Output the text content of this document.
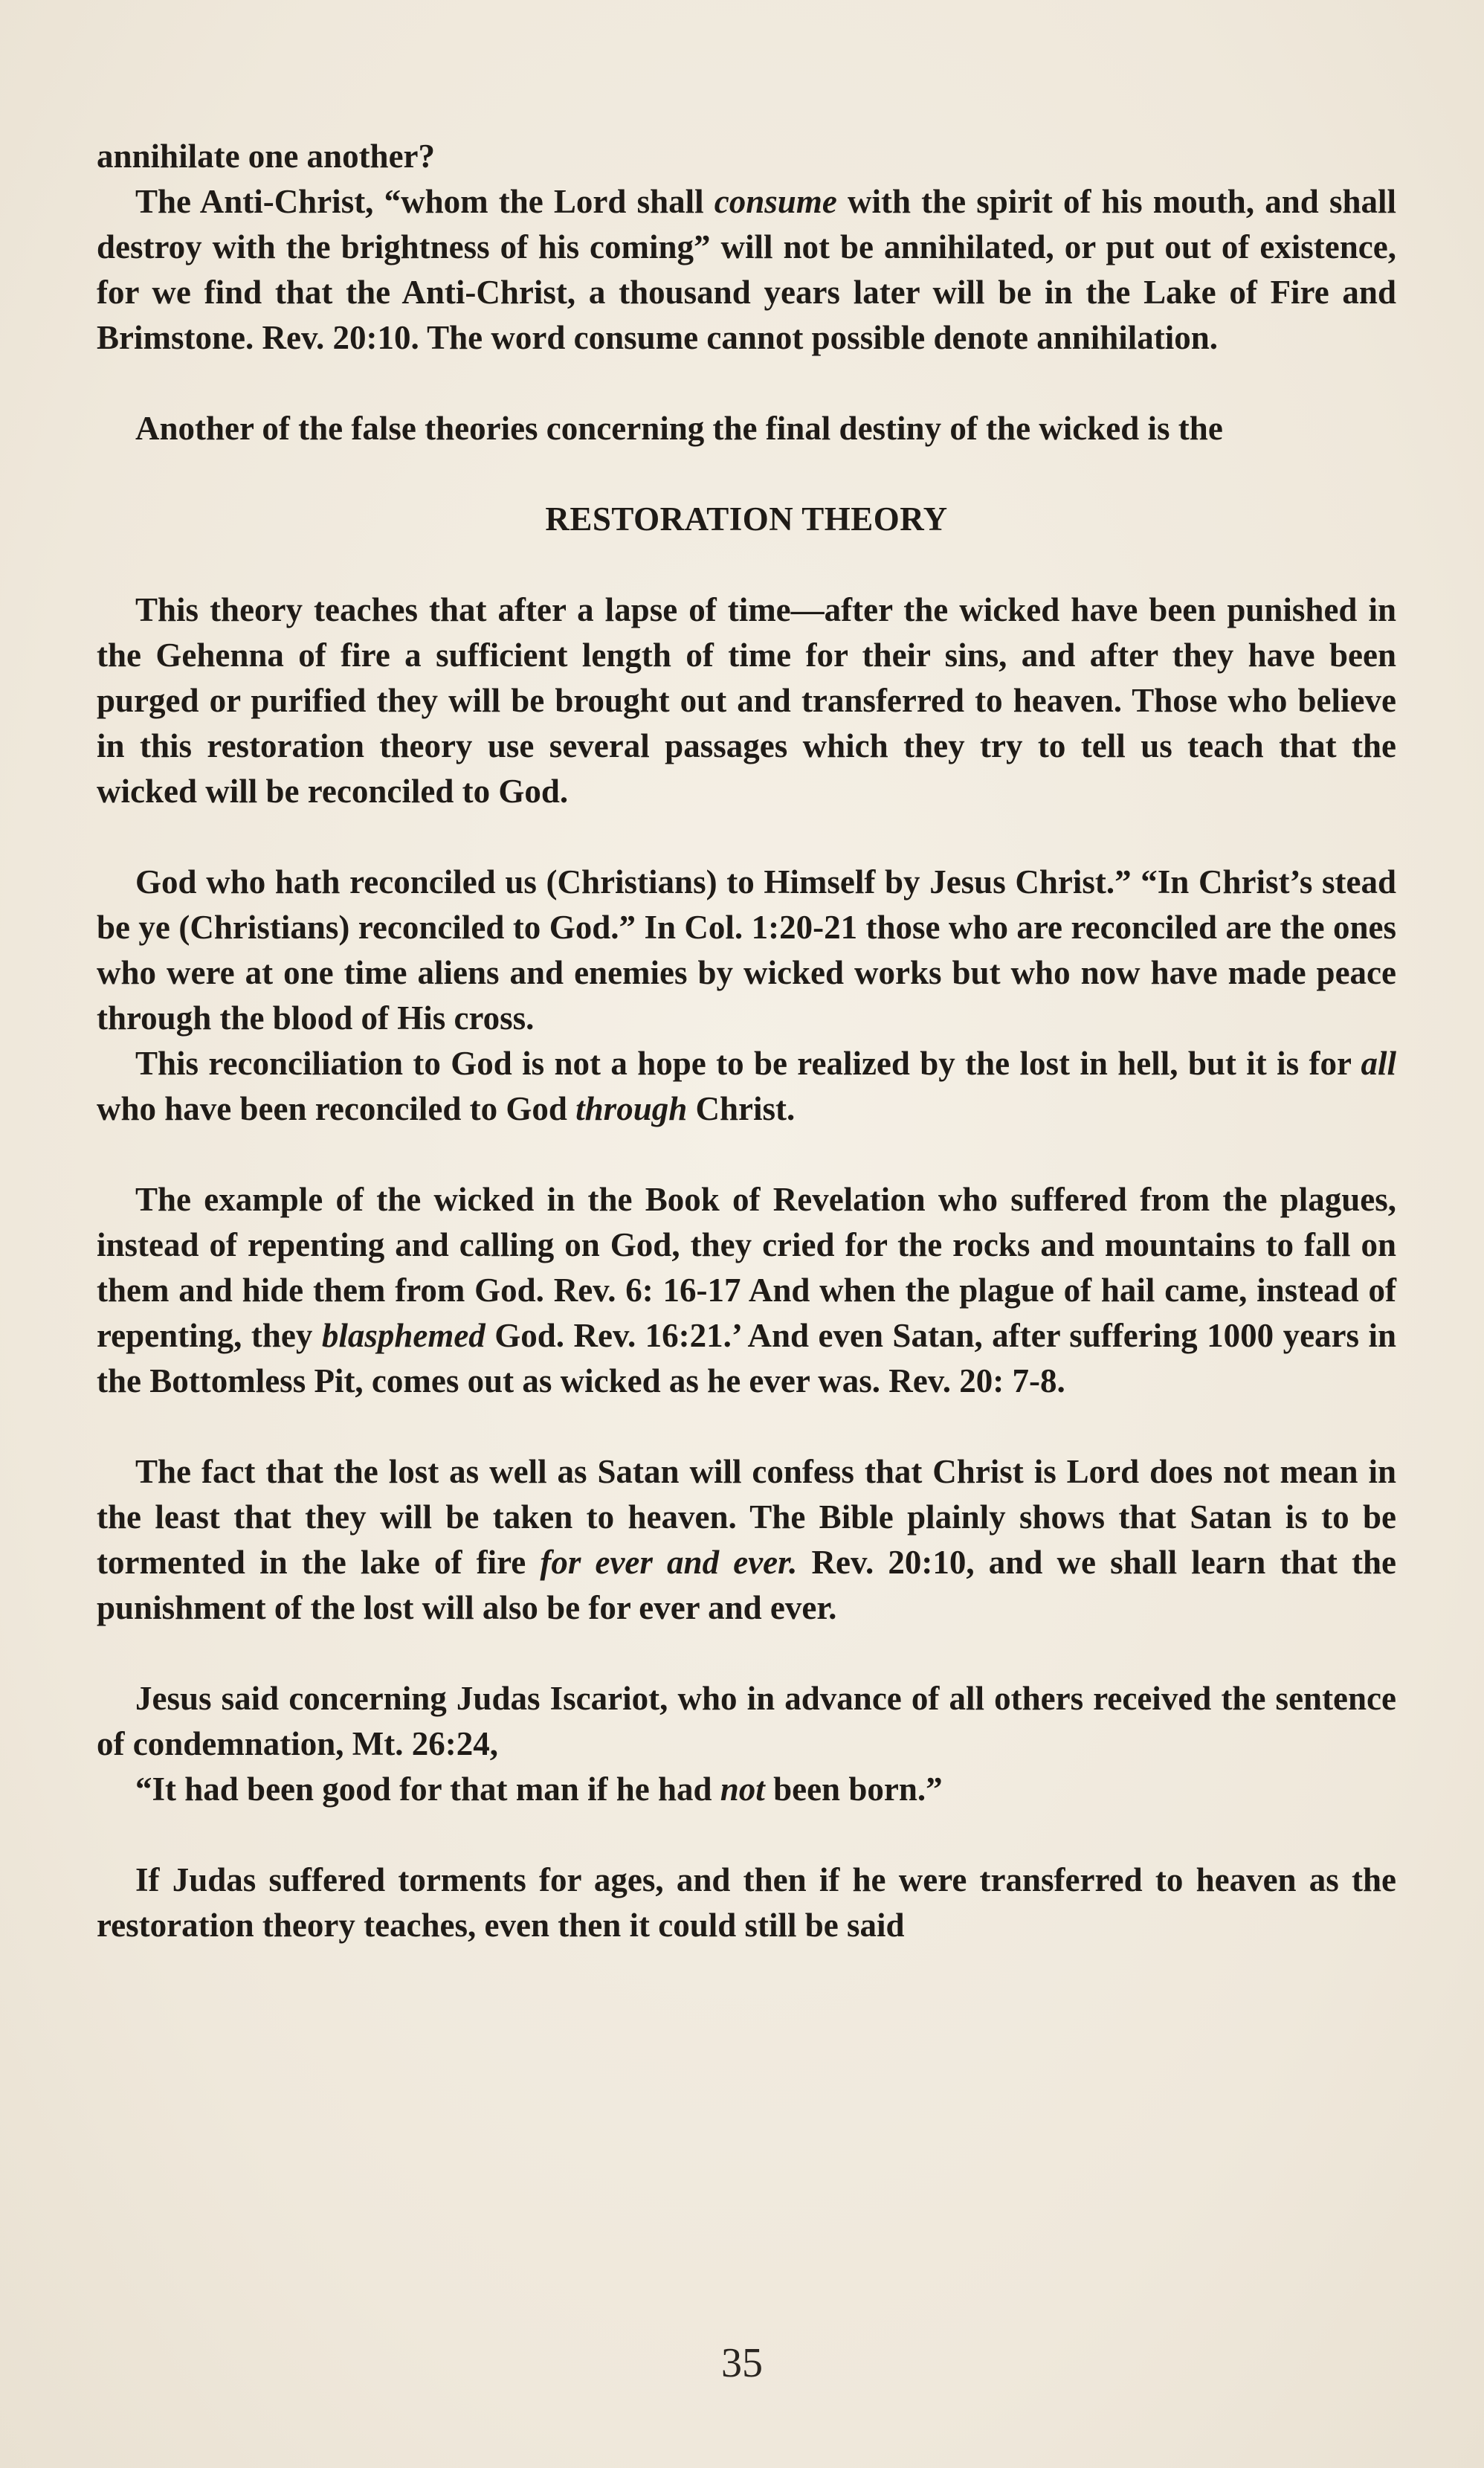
annihilate one another?

The Anti-Christ, “whom the Lord shall consume with the spirit of his mouth, and shall destroy with the brightness of his coming” will not be annihilated, or put out of existence, for we find that the Anti-Christ, a thousand years later will be in the Lake of Fire and Brimstone. Rev. 20:10. The word consume cannot possible denote annihilation.

Another of the false theories concerning the final destiny of the wicked is the

RESTORATION THEORY

This theory teaches that after a lapse of time—after the wicked have been punished in the Gehenna of fire a sufficient length of time for their sins, and after they have been purged or purified they will be brought out and transferred to heaven. Those who believe in this restoration theory use several passages which they try to tell us teach that the wicked will be reconciled to God.

God who hath reconciled us (Christians) to Himself by Jesus Christ.” “In Christ’s stead be ye (Christians) reconciled to God.” In Col. 1:20-21 those who are reconciled are the ones who were at one time aliens and enemies by wicked works but who now have made peace through the blood of His cross.

This reconciliation to God is not a hope to be realized by the lost in hell, but it is for all who have been reconciled to God through Christ.

The example of the wicked in the Book of Revelation who suffered from the plagues, instead of repenting and calling on God, they cried for the rocks and mountains to fall on them and hide them from God. Rev. 6: 16-17 And when the plague of hail came, instead of repenting, they blasphemed God. Rev. 16:21.’ And even Satan, after suffering 1000 years in the Bottomless Pit, comes out as wicked as he ever was. Rev. 20: 7-8.

The fact that the lost as well as Satan will confess that Christ is Lord does not mean in the least that they will be taken to heaven. The Bible plainly shows that Satan is to be tormented in the lake of fire for ever and ever. Rev. 20:10, and we shall learn that the punishment of the lost will also be for ever and ever.

Jesus said concerning Judas Iscariot, who in advance of all others received the sentence of condemnation, Mt. 26:24,

“It had been good for that man if he had not been born.”

If Judas suffered torments for ages, and then if he were transferred to heaven as the restoration theory teaches, even then it could still be said

35
